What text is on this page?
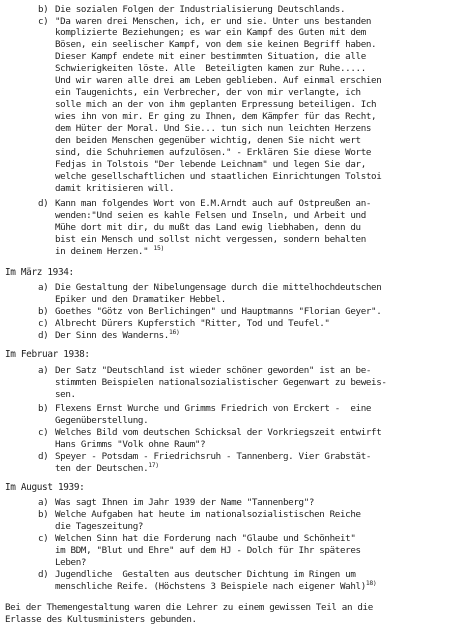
b) Die sozialen Folgen der Industrialisierung Deutschlands.
c) "Da waren drei Menschen, ich, er und sie. Unter uns bestanden
komplizierte Beziehungen; es war ein Kampf des Guten mit dem
Bösen, ein seelischer Kampf, von dem sie keinen Begriff haben.
Dieser Kampf endete mit einer bestimmten Situation, die alle
Schwierigkeiten löste. Alle  Beteiligten kamen zur Ruhe.....
Und wir waren alle drei am Leben geblieben. Auf einmal erschien
ein Taugenichts, ein Verbrecher, der von mir verlangte, ich
solle mich an der von ihm geplanten Erpressung beteiligen. Ich
wies ihn von mir. Er ging zu Ihnen, dem Kämpfer für das Recht,
dem Hüter der Moral. Und Sie... tun sich nun leichten Herzens
den beiden Menschen gegenüber wichtig, denen Sie nicht wert
sind, die Schuhriemen aufzulösen." - Erklären Sie diese Worte
Fedjas in Tolstois "Der lebende Leichnam" und legen Sie dar,
welche gesellschaftlichen und staatlichen Einrichtungen Tolstoi
damit kritisieren will.
d) Kann man folgendes Wort von E.M.Arndt auch auf Ostpreußen an-
wenden:"Und seien es kahle Felsen und Inseln, und Arbeit und
Mühe dort mit dir, du mußt das Land ewig liebhaben, denn du
bist ein Mensch und sollst nicht vergessen, sondern behalten
in deinem Herzen." $^{15)}$
Im März 1934:
a) Die Gestaltung der Nibelungensage durch die mittelhochdeutschen
Epiker und den Dramatiker Hebbel.
b) Goethes "Götz von Berlichingen" und Hauptmanns "Florian Geyer".
c) Albrecht Dürers Kupferstich "Ritter, Tod und Teufel."
d) Der Sinn des Wanderns.$^{16)}$
Im Februar 1938:
a) Der Satz "Deutschland ist wieder schöner geworden" ist an be-
stimmten Beispielen nationalsozialistischer Gegenwart zu beweis-
sen.
b) Flexens Ernst Wurche und Grimms Friedrich von Erckert -  eine
Gegenüberstellung.
c) Welches Bild vom deutschen Schicksal der Vorkriegszeit entwirft
Hans Grimms "Volk ohne Raum"?
d) Speyer - Potsdam - Friedrichsruh - Tannenberg. Vier Grabstät-
ten der Deutschen.$^{17)}$
Im August 1939:
a) Was sagt Ihnen im Jahr 1939 der Name "Tannenberg"?
b) Welche Aufgaben hat heute im nationalsozialistischen Reiche
die Tageszeitung?
c) Welchen Sinn hat die Forderung nach "Glaube und Schönheit"
im BDM, "Blut und Ehre" auf dem HJ - Dolch für Ihr späteres
Leben?
d) Jugendliche  Gestalten aus deutscher Dichtung im Ringen um
menschliche Reife. (Höchstens 3 Beispiele nach eigener Wahl)$^{18)}$
Bei der Themengestaltung waren die Lehrer zu einem gewissen Teil an die
Erlasse des Kultusministers gebunden.
